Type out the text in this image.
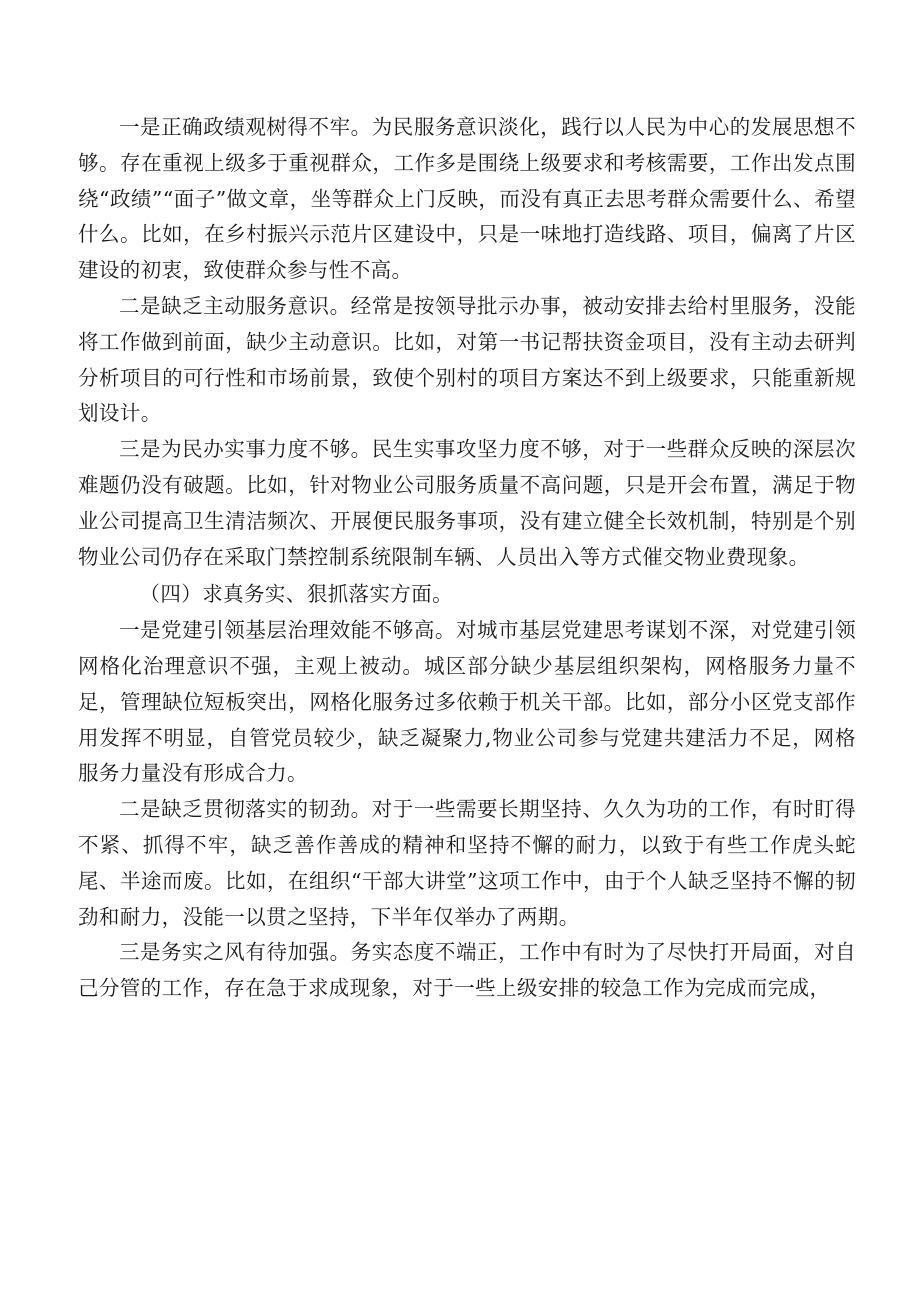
一是正确政绩观树得不牢。为民服务意识淡化，践行以人民为中心的发展思想不够。存在重视上级多于重视群众，工作多是围绕上级要求和考核需要，工作出发点围绕“政绩”“面子”做文章，坐等群众上门反映，而没有真正去思考群众需要什么、希望什么。比如，在乡村振兴示范片区建设中，只是一味地打造线路、项目，偏离了片区建设的初衷，致使群众参与性不高。

二是缺乏主动服务意识。经常是按领导批示办事，被动安排去给村里服务，没能将工作做到前面，缺少主动意识。比如，对第一书记帮扶资金项目，没有主动去研判分析项目的可行性和市场前景，致使个别村的项目方案达不到上级要求，只能重新规划设计。

三是为民办实事力度不够。民生实事攻坚力度不够，对于一些群众反映的深层次难题仍没有破题。比如，针对物业公司服务质量不高问题，只是开会布置，满足于物业公司提高卫生清洁频次、开展便民服务事项，没有建立健全长效机制，特别是个别物业公司仍存在采取门禁控制系统限制车辆、人员出入等方式催交物业费现象。

（四）求真务实、狠抓落实方面。

一是党建引领基层治理效能不够高。对城市基层党建思考谋划不深，对党建引领网格化治理意识不强，主观上被动。城区部分缺少基层组织架构，网格服务力量不足，管理缺位短板突出，网格化服务过多依赖于机关干部。比如，部分小区党支部作用发挥不明显，自管党员较少，缺乏凝聚力,物业公司参与党建共建活力不足，网格服务力量没有形成合力。

二是缺乏贯彻落实的韧劲。对于一些需要长期坚持、久久为功的工作，有时盯得不紧、抓得不牢，缺乏善作善成的精神和坚持不懈的耐力，以致于有些工作虎头蛇尾、半途而废。比如，在组织“干部大讲堂”这项工作中，由于个人缺乏坚持不懈的韧劲和耐力，没能一以贯之坚持，下半年仅举办了两期。

三是务实之风有待加强。务实态度不端正，工作中有时为了尽快打开局面，对自己分管的工作，存在急于求成现象，对于一些上级安排的较急工作为完成而完成，
